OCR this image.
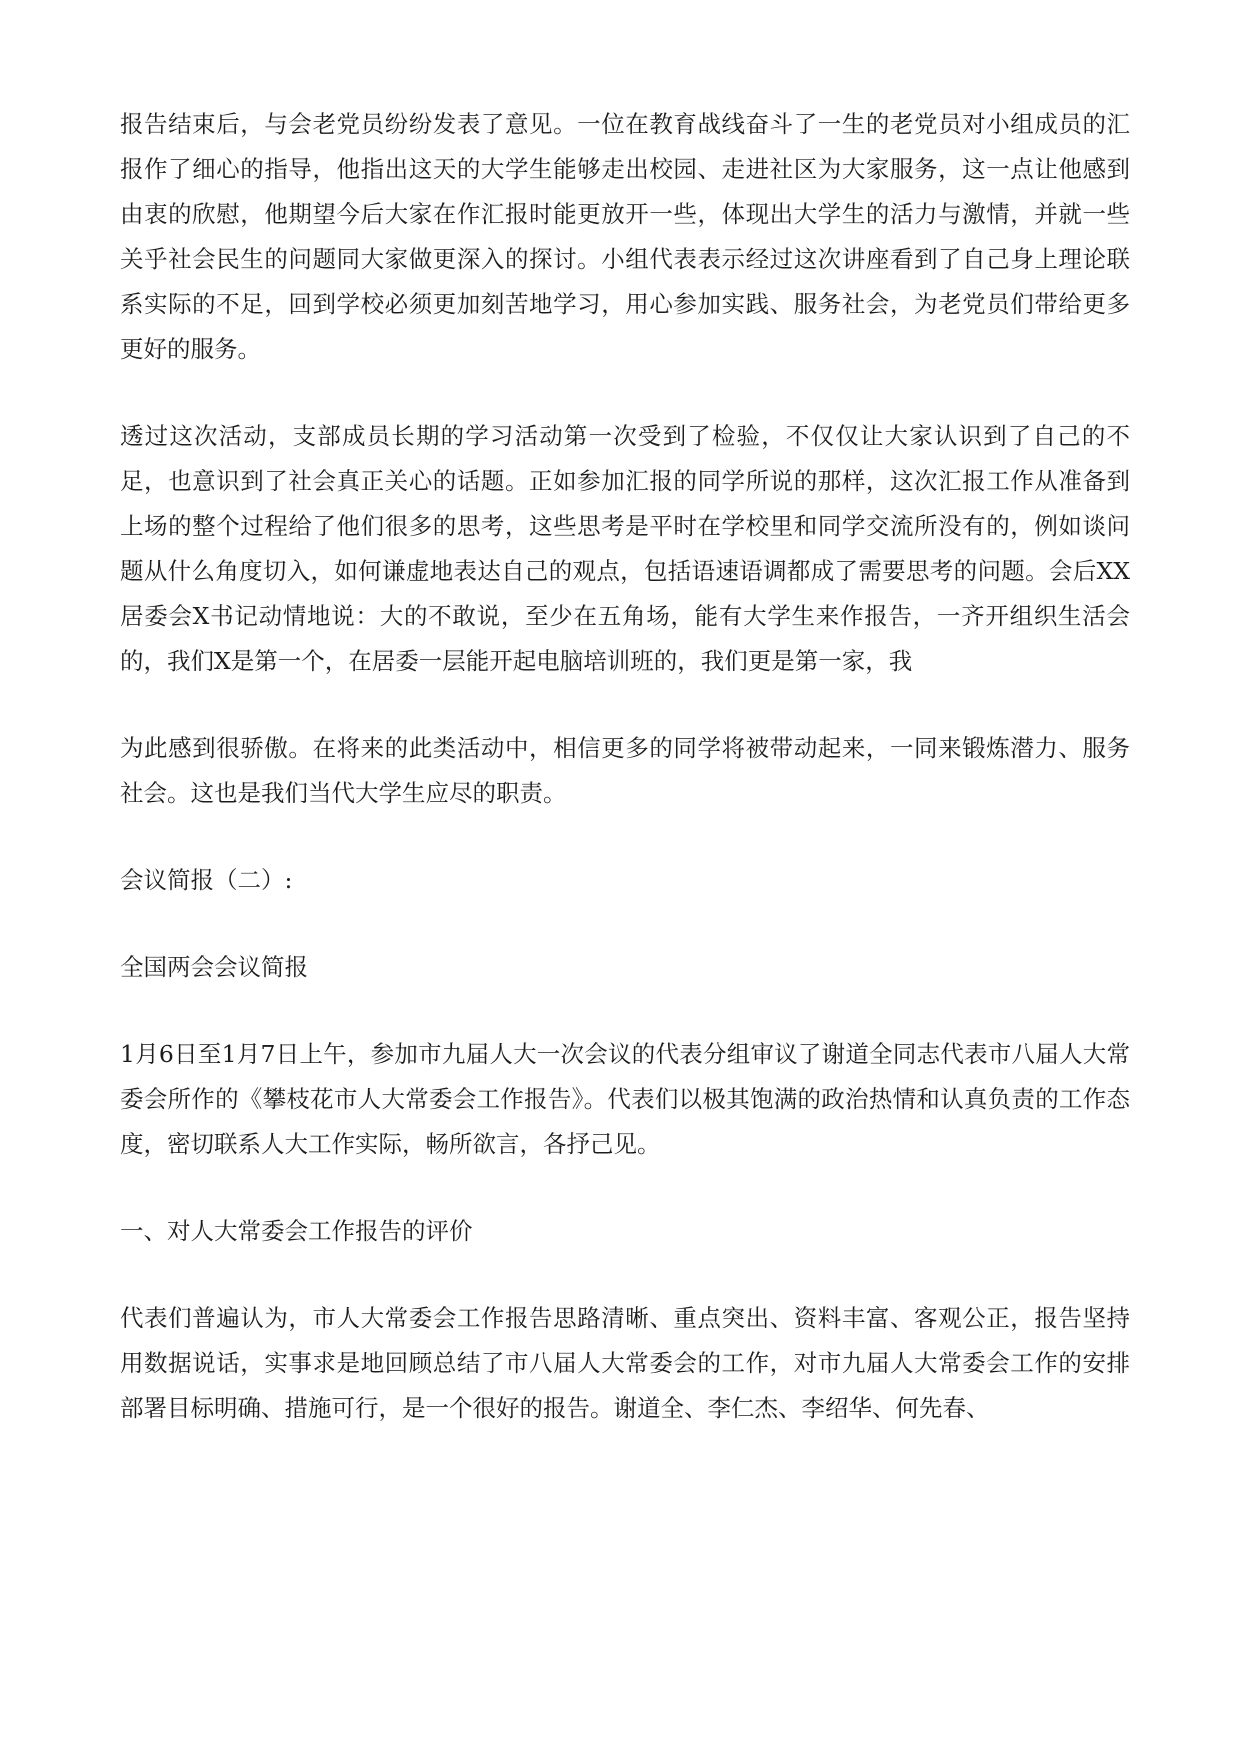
报告结束后，与会老党员纷纷发表了意见。一位在教育战线奋斗了一生的老党员对小组成员的汇报作了细心的指导，他指出这天的大学生能够走出校园、走进社区为大家服务，这一点让他感到由衷的欣慰，他期望今后大家在作汇报时能更放开一些，体现出大学生的活力与激情，并就一些关乎社会民生的问题同大家做更深入的探讨。小组代表表示经过这次讲座看到了自己身上理论联系实际的不足，回到学校必须更加刻苦地学习，用心参加实践、服务社会，为老党员们带给更多更好的服务。

透过这次活动，支部成员长期的学习活动第一次受到了检验，不仅仅让大家认识到了自己的不足，也意识到了社会真正关心的话题。正如参加汇报的同学所说的那样，这次汇报工作从准备到上场的整个过程给了他们很多的思考，这些思考是平时在学校里和同学交流所没有的，例如谈问题从什么角度切入，如何谦虚地表达自己的观点，包括语速语调都成了需要思考的问题。会后XX居委会X书记动情地说：大的不敢说，至少在五角场，能有大学生来作报告，一齐开组织生活会的，我们X是第一个，在居委一层能开起电脑培训班的，我们更是第一家，我

为此感到很骄傲。在将来的此类活动中，相信更多的同学将被带动起来，一同来锻炼潜力、服务社会。这也是我们当代大学生应尽的职责。

会议简报（二）:

全国两会会议简报

1月6日至1月7日上午，参加市九届人大一次会议的代表分组审议了谢道全同志代表市八届人大常委会所作的《攀枝花市人大常委会工作报告》。代表们以极其饱满的政治热情和认真负责的工作态度，密切联系人大工作实际，畅所欲言，各抒己见。

一、对人大常委会工作报告的评价

代表们普遍认为，市人大常委会工作报告思路清晰、重点突出、资料丰富、客观公正，报告坚持用数据说话，实事求是地回顾总结了市八届人大常委会的工作，对市九届人大常委会工作的安排部署目标明确、措施可行，是一个很好的报告。谢道全、李仁杰、李绍华、何先春、
